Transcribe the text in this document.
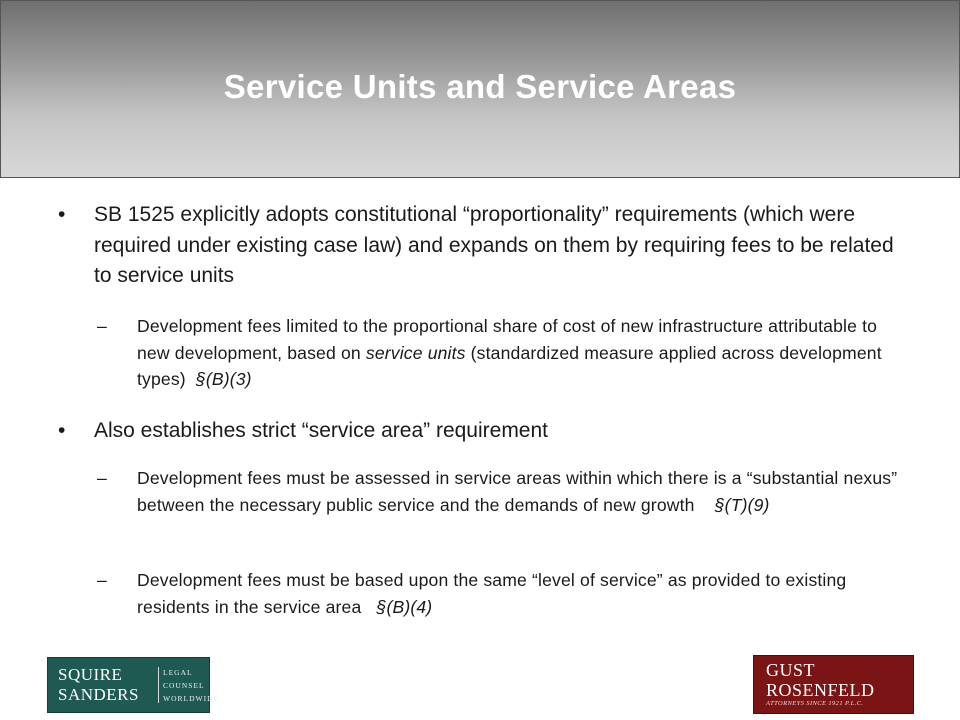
Service Units and Service Areas
• SB 1525 explicitly adopts constitutional “proportionality” requirements (which were required under existing case law) and expands on them by requiring fees to be related to service units
– Development fees limited to the proportional share of cost of new infrastructure attributable to new development, based on service units (standardized measure applied across development types) §(B)(3)
• Also establishes strict “service area” requirement
– Development fees must be assessed in service areas within which there is a “substantial nexus” between the necessary public service and the demands of new growth §(T)(9)
– Development fees must be based upon the same “level of service” as provided to existing residents in the service area §(B)(4)
SQUIRE
SANDERS
LEGAL
COUNSEL
WORLDWIDE
GUST
ROSENFELD
ATTORNEYS SINCE 1921 P.L.C.
